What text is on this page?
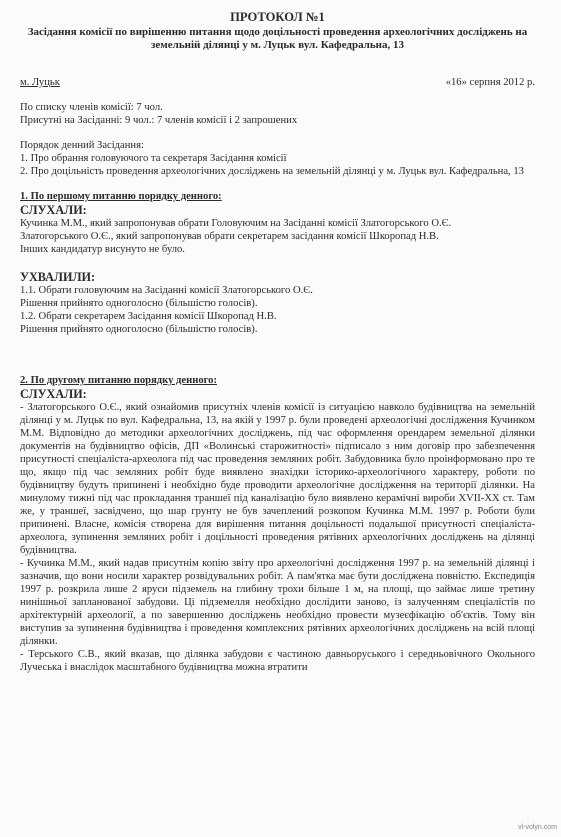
ПРОТОКОЛ №1
Засідання комісії по вирішенню питання щодо доцільності проведення археологічних досліджень на земельній ділянці у м. Луцьк вул. Кафедральна, 13
м. Луцьк	«16» серпня 2012 р.

По списку членів комісії: 7 чол.

Присутні на Засіданні: 9 чол.: 7 членів комісії і 2 запрошених

Порядок денний Засідання:

1. Про обрання головуючого та секретаря Засідання комісії

2. Про доцільність проведення археологічних досліджень на земельній ділянці у м. Луцьк вул. Кафедральна, 13

1. По першому питанню порядку денного:

СЛУХАЛИ:

Кучинка М.М., який запропонував обрати Головуючим на Засіданні комісії Златогорського О.Є.

Златогорського О.Є., який запропонував обрати секретарем засідання комісії Шкоропад Н.В.

Інших кандидатур висунуто не було.

УХВАЛИЛИ:

1.1. Обрати головуючим на Засіданні комісії Златогорського О.Є.

Рішення прийнято одноголосно (більшістю голосів).

1.2. Обрати секретарем Засідання комісії Шкоропад Н.В.

Рішення прийнято одноголосно (більшістю голосів).

2. По другому питанню порядку денного:

СЛУХАЛИ:

- Златогорського О.Є., який ознайомив присутніх членів комісії із ситуацією навколо будівництва на земельній ділянці у м. Луцьк по вул. Кафедральна, 13, на якій у 1997 р. були проведені археологічні дослідження Кучинком М.М. Відповідно до методики археологічних досліджень, під час оформлення орендарем земельної ділянки документів на будівництво офісів, ДП «Волинські старожитності» підписало з ним договір про забезпечення присутності спеціаліста-археолога під час проведення земляних робіт. Забудовника було проінформовано про те що, якщо під час земляних робіт буде виявлено знахідки історико-археологічного характеру, роботи по будівництву будуть припинені і необхідно буде проводити археологічне дослідження на території ділянки. На минулому тижні під час прокладання траншеї під каналізацію було виявлено керамічні вироби XVII-XX ст. Там же, у траншеї, засвідчено, що шар грунту не був зачеплений розкопом Кучинка М.М. 1997 р. Роботи були припинені. Власне, комісія створена для вирішення питання доцільності подальшої присутності спеціаліста-археолога, зупинення земляних робіт і доцільності проведення рятівних археологічних досліджень на ділянці будівництва.

- Кучинка М.М., який надав присутнім копію звіту про археологічні дослідження 1997 р. на земельній ділянці і зазначив, що вони носили характер розвідувальних робіт. А пам'ятка має бути досліджена повністю. Експедиція 1997 р. розкрила лише 2 яруси підземель на глибину трохи більше 1 м, на площі, що займає лише третину нинішньої запланованої забудови. Ці підземелля необхідно дослідити заново, із залученням спеціалістів по архітектурній археології, а по завершенню досліджень необхідно провести музеєфікацію об'єктів. Тому він виступив за зупинення будівництва і проведення комплексних рятівних археологічних досліджень на всій площі ділянки.

- Терського С.В., який вказав, що ділянка забудови є частиною давньоруського і середньовічного Окольного Лучеська і внаслідок масштабного будівництва можна втратити

vl-volyn.com
